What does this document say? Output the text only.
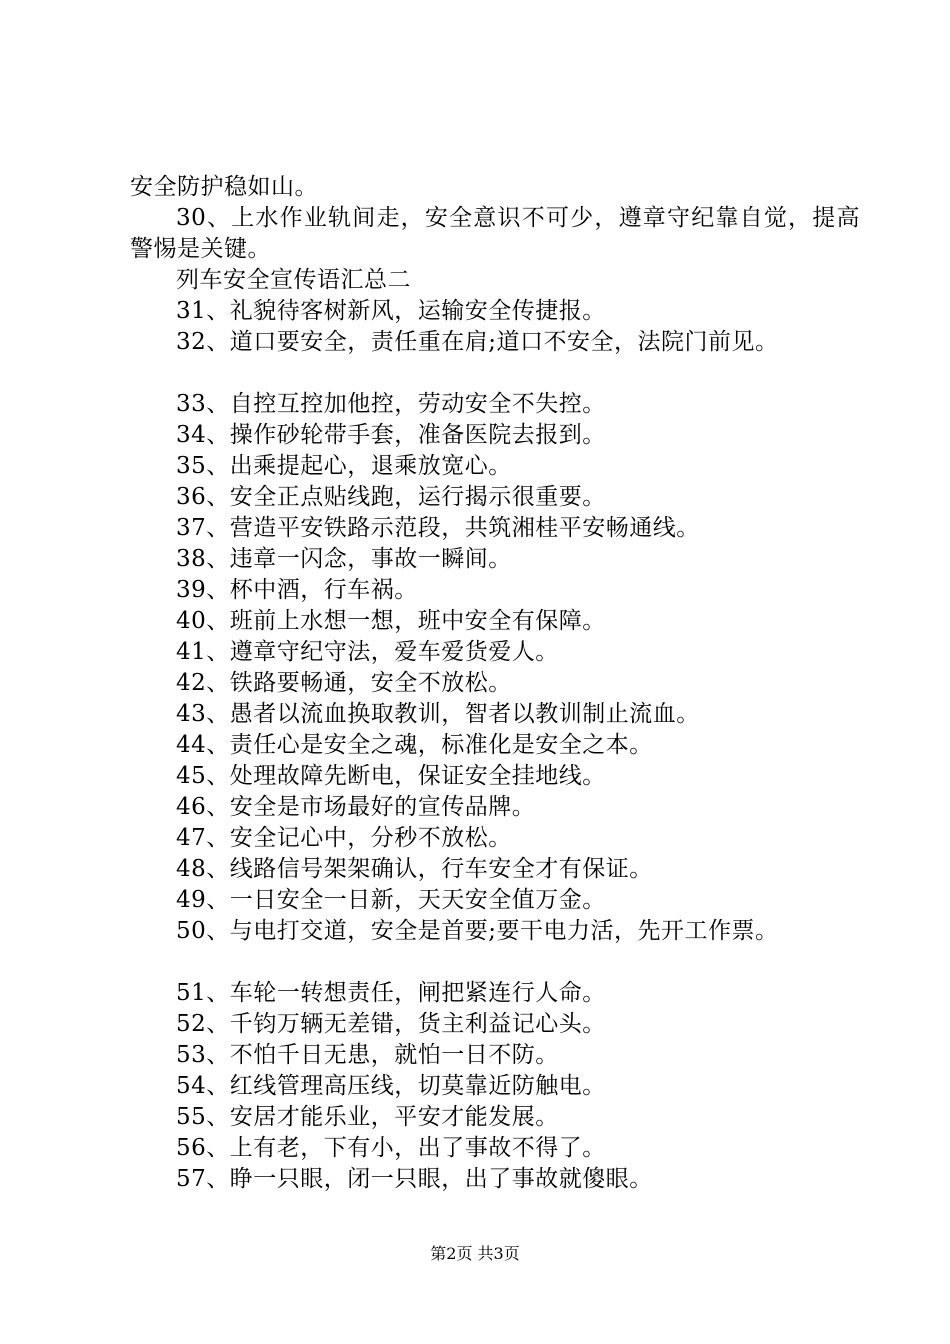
安全防护稳如山。
30、上水作业轨间走，安全意识不可少，遵章守纪靠自觉，提高警惕是关键。
列车安全宣传语汇总二
31、礼貌待客树新风，运输安全传捷报。
32、道口要安全，责任重在肩;道口不安全，法院门前见。
33、自控互控加他控，劳动安全不失控。
34、操作砂轮带手套，准备医院去报到。
35、出乘提起心，退乘放宽心。
36、安全正点贴线跑，运行揭示很重要。
37、营造平安铁路示范段，共筑湘桂平安畅通线。
38、违章一闪念，事故一瞬间。
39、杯中酒，行车祸。
40、班前上水想一想，班中安全有保障。
41、遵章守纪守法，爱车爱货爱人。
42、铁路要畅通，安全不放松。
43、愚者以流血换取教训，智者以教训制止流血。
44、责任心是安全之魂，标准化是安全之本。
45、处理故障先断电，保证安全挂地线。
46、安全是市场最好的宣传品牌。
47、安全记心中，分秒不放松。
48、线路信号架架确认，行车安全才有保证。
49、一日安全一日新，天天安全值万金。
50、与电打交道，安全是首要;要干电力活，先开工作票。
51、车轮一转想责任，闸把紧连行人命。
52、千钧万辆无差错，货主利益记心头。
53、不怕千日无患，就怕一日不防。
54、红线管理高压线，切莫靠近防触电。
55、安居才能乐业，平安才能发展。
56、上有老，下有小，出了事故不得了。
57、睁一只眼，闭一只眼，出了事故就傻眼。
第2页 共3页
